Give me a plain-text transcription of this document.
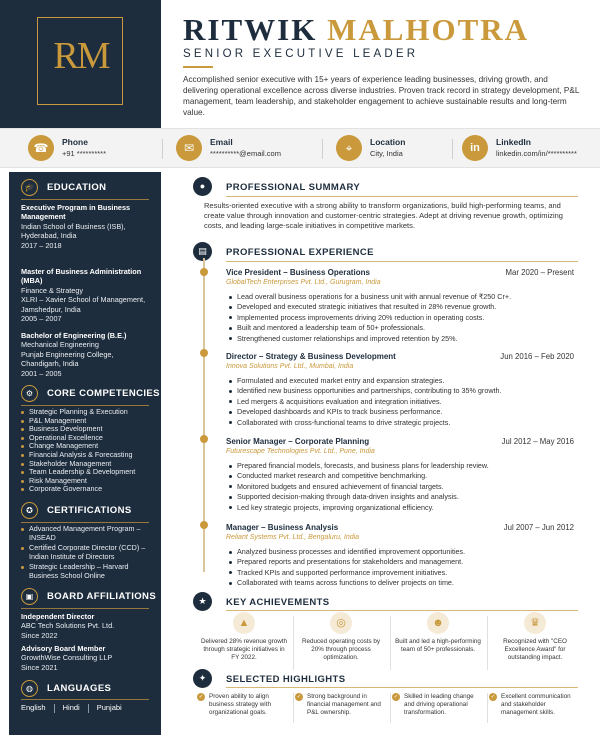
RM
RITWIK MALHOTRA
SENIOR EXECUTIVE LEADER
Accomplished senior executive with 15+ years of experience leading businesses, driving growth, and delivering operational excellence across diverse industries. Proven track record in strategy development, P&L management, team leadership, and stakeholder engagement to achieve sustainable results and long-term value.
☎	Phone
+91 **********	✉	Email
**********@email.com	⌖	Location
City, India	in	LinkedIn
linkedin.com/in/**********
🎓	EDUCATION
Executive Program in Business Management
Indian School of Business (ISB), Hyderabad, India
2017 – 2018
Master of Business Administration (MBA)
Finance & Strategy
XLRI – Xavier School of Management, Jamshedpur, India
2005 – 2007
Bachelor of Engineering (B.E.)
Mechanical Engineering
Punjab Engineering College, Chandigarh, India
2001 – 2005
⚙	CORE COMPETENCIES
Strategic Planning & Execution
P&L Management
Business Development
Operational Excellence
Change Management
Financial Analysis & Forecasting
Stakeholder Management
Team Leadership & Development
Risk Management
Corporate Governance
✪	CERTIFICATIONS
Advanced Management Program – INSEAD
Certified Corporate Director (CCD) – Indian Institute of Directors
Strategic Leadership – Harvard Business School Online
▣	BOARD AFFILIATIONS
Independent Director
ABC Tech Solutions Pvt. Ltd.
Since 2022
Advisory Board Member
GrowthWise Consulting LLP
Since 2021
◍	LANGUAGES
English Hindi Punjabi
●	PROFESSIONAL SUMMARY
Results-oriented executive with a strong ability to transform organizations, build high-performing teams, and create value through innovation and customer-centric strategies. Adept at driving revenue growth, optimizing costs, and leading large-scale initiatives in competitive markets.
▤	PROFESSIONAL EXPERIENCE
Vice President – Business Operations	Mar 2020 – Present
GlobalTech Enterprises Pvt. Ltd., Gurugram, India
Lead overall business operations for a business unit with annual revenue of ₹250 Cr+.
Developed and executed strategic initiatives that resulted in 28% revenue growth.
Implemented process improvements driving 20% reduction in operating costs.
Built and mentored a leadership team of 50+ professionals.
Strengthened customer relationships and improved retention by 25%.
Director – Strategy & Business Development	Jun 2016 – Feb 2020
Innova Solutions Pvt. Ltd., Mumbai, India
Formulated and executed market entry and expansion strategies.
Identified new business opportunities and partnerships, contributing to 35% growth.
Led mergers & acquisitions evaluation and integration initiatives.
Developed dashboards and KPIs to track business performance.
Collaborated with cross-functional teams to drive strategic projects.
Senior Manager – Corporate Planning	Jul 2012 – May 2016
Futurescape Technologies Pvt. Ltd., Pune, India
Prepared financial models, forecasts, and business plans for leadership review.
Conducted market research and competitive benchmarking.
Monitored budgets and ensured achievement of financial targets.
Supported decision-making through data-driven insights and analysis.
Led key strategic projects, improving organizational efficiency.
Manager – Business Analysis	Jul 2007 – Jun 2012
Reliant Systems Pvt. Ltd., Bengaluru, India
Analyzed business processes and identified improvement opportunities.
Prepared reports and presentations for stakeholders and management.
Tracked KPIs and supported performance improvement initiatives.
Collaborated with teams across functions to deliver projects on time.
★	KEY ACHIEVEMENTS
▲
Delivered 28% revenue growth through strategic initiatives in FY 2022.
◎
Reduced operating costs by 20% through process optimization.
☻
Built and led a high-performing team of 50+ professionals.
♛
Recognized with "CEO Excellence Award" for outstanding impact.
✦	SELECTED HIGHLIGHTS
✓ Proven ability to align business strategy with organizational goals.
✓ Strong background in financial management and P&L ownership.
✓ Skilled in leading change and driving operational transformation.
✓ Excellent communication and stakeholder management skills.
